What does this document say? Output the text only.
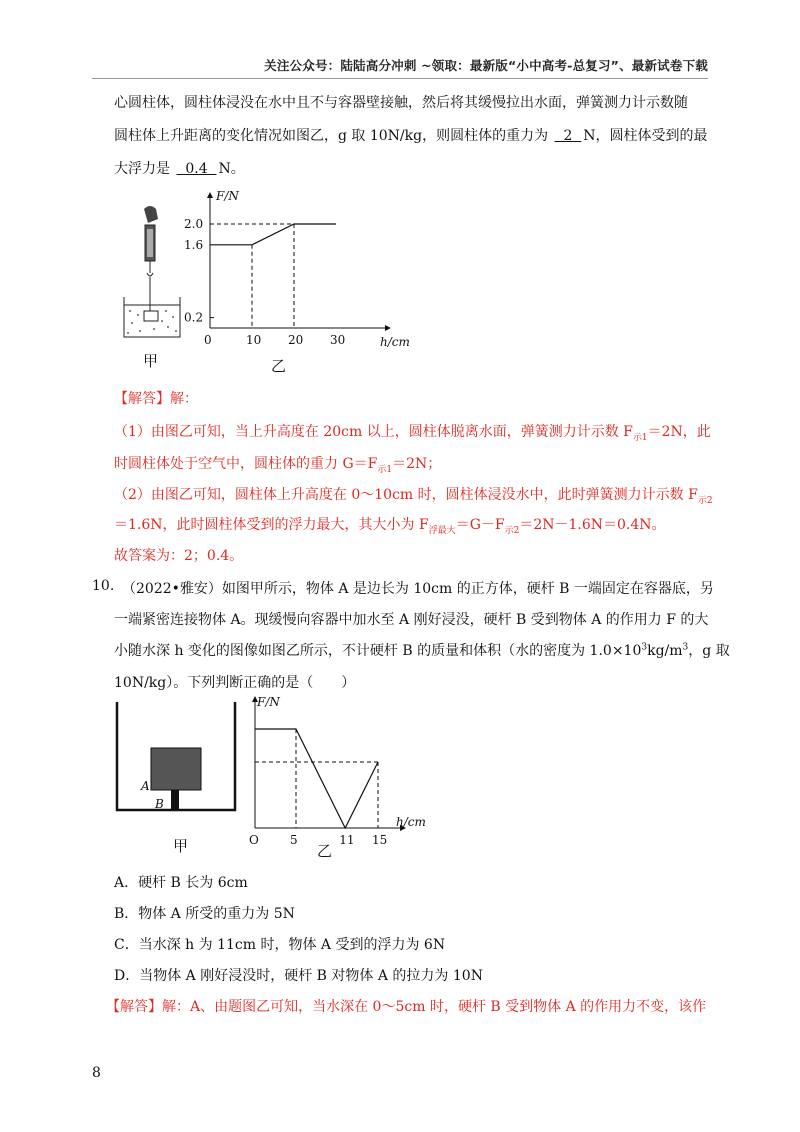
关注公众号：陆陆高分冲刺 ~领取：最新版“小中高考-总复习”、最新试卷下载
心圆柱体，圆柱体浸没在水中且不与容器壁接触，然后将其缓慢拉出水面，弹簧测力计示数随
圆柱体上升距离的变化情况如图乙，g 取 10N/kg，则圆柱体的重力为   2 N，圆柱体受到的最
大浮力是   0.4 N。
甲
F/N
h/cm
2.0
1.6
0.2
0	10 20 30
乙
【解答】解：
（1）由图乙可知，当上升高度在 20cm 以上，圆柱体脱离水面，弹簧测力计示数 $F_{示1}=2N$，此
时圆柱体处于空气中，圆柱体的重力 $G=F_{示1}=2N$；
（2）由图乙可知，圆柱体上升高度在 0～10cm 时，圆柱体浸没水中，此时弹簧测力计示数 $F_{示2}$
＝1.6N，此时圆柱体受到的浮力最大，其大小为 $F_{浮最大}=G-F_{示2}=2N-1.6N=0.4N$。
故答案为：2；0.4。
10. （2022•雅安）如图甲所示，物体 A 是边长为 10cm 的正方体，硬杆 B 一端固定在容器底，另
一端紧密连接物体 A。现缓慢向容器中加水至 A 刚好浸没，硬杆 B 受到物体 A 的作用力 F 的大
小随水深 h 变化的图像如图乙所示，不计硬杆 B 的质量和体积（水的密度为 $1.0\times 10^3kg/m^3$，g 取
10N/kg）。下列判断正确的是（　　）
A
B
甲
F/N
h/cm
O	5	11 15
乙
A．硬杆 B 长为 6cm
B．物体 A 所受的重力为 5N
C．当水深 h 为 11cm 时，物体 A 受到的浮力为 6N
D．当物体 A 刚好浸没时，硬杆 B 对物体 A 的拉力为 10N
【解答】解：A、由题图乙可知，当水深在 0～5cm 时，硬杆 B 受到物体 A 的作用力不变，该作
8
